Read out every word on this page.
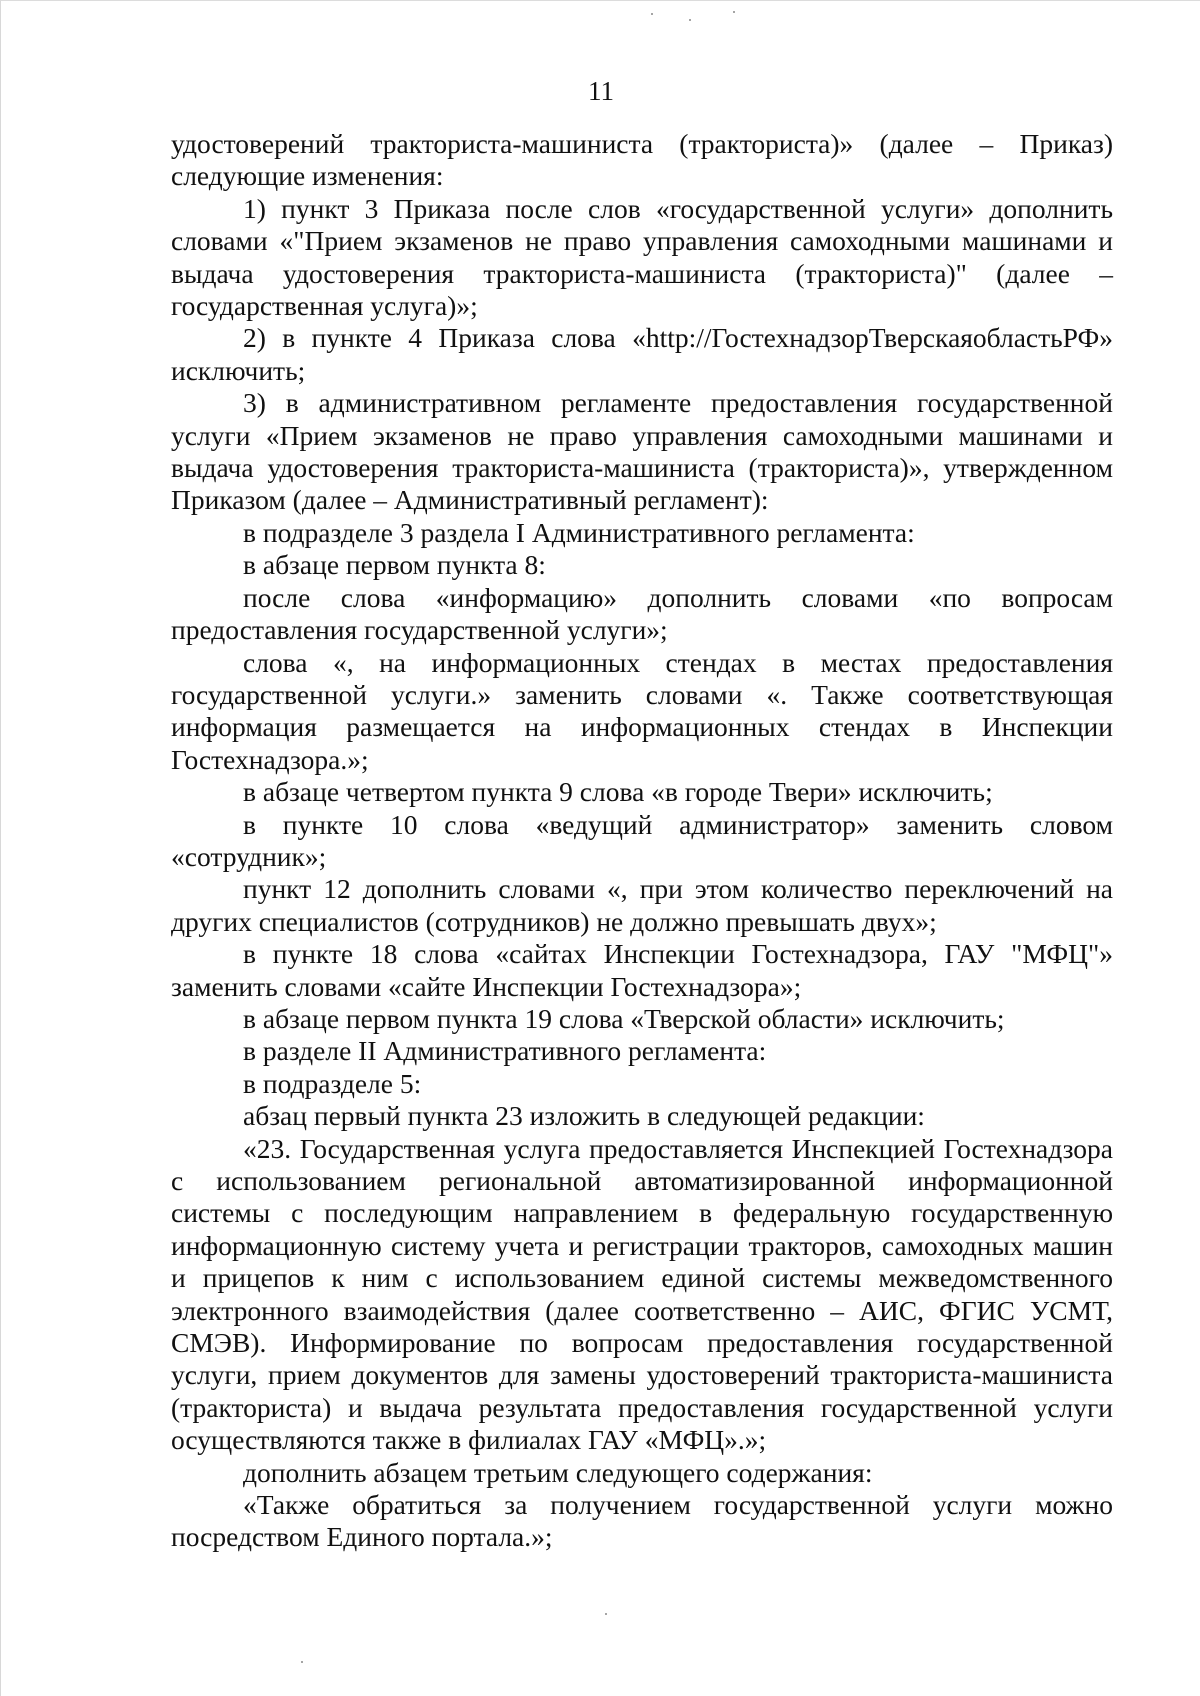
11

удостоверений тракториста-машиниста (тракториста)» (далее – Приказ) следующие изменения:

1) пункт 3 Приказа после слов «государственной услуги» дополнить словами «"Прием экзаменов не право управления самоходными машинами и выдача удостоверения тракториста-машиниста (тракториста)" (далее – государственная услуга)»;

2) в пункте 4 Приказа слова «http://ГостехнадзорТверскаяобластьРФ» исключить;

3) в административном регламенте предоставления государственной услуги «Прием экзаменов не право управления самоходными машинами и выдача удостоверения тракториста-машиниста (тракториста)», утвержденном Приказом (далее – Административный регламент):

в подразделе 3 раздела I Административного регламента:

в абзаце первом пункта 8:

после слова «информацию» дополнить словами «по вопросам предоставления государственной услуги»;

слова «, на информационных стендах в местах предоставления государственной услуги.» заменить словами «. Также соответствующая информация размещается на информационных стендах в Инспекции Гостехнадзора.»;

в абзаце четвертом пункта 9 слова «в городе Твери» исключить;

в пункте 10 слова «ведущий администратор» заменить словом «сотрудник»;

пункт 12 дополнить словами «, при этом количество переключений на других специалистов (сотрудников) не должно превышать двух»;

в пункте 18 слова «сайтах Инспекции Гостехнадзора, ГАУ "МФЦ"» заменить словами «сайте Инспекции Гостехнадзора»;

в абзаце первом пункта 19 слова «Тверской области» исключить;

в разделе II Административного регламента:

в подразделе 5:

абзац первый пункта 23 изложить в следующей редакции:

«23. Государственная услуга предоставляется Инспекцией Гостехнадзора с использованием региональной автоматизированной информационной системы с последующим направлением в федеральную государственную информационную систему учета и регистрации тракторов, самоходных машин и прицепов к ним с использованием единой системы межведомственного электронного взаимодействия (далее соответственно – АИС, ФГИС УСМТ, СМЭВ). Информирование по вопросам предоставления государственной услуги, прием документов для замены удостоверений тракториста-машиниста (тракториста) и выдача результата предоставления государственной услуги осуществляются также в филиалах ГАУ «МФЦ».»;

дополнить абзацем третьим следующего содержания:

«Также обратиться за получением государственной услуги можно посредством Единого портала.»;
